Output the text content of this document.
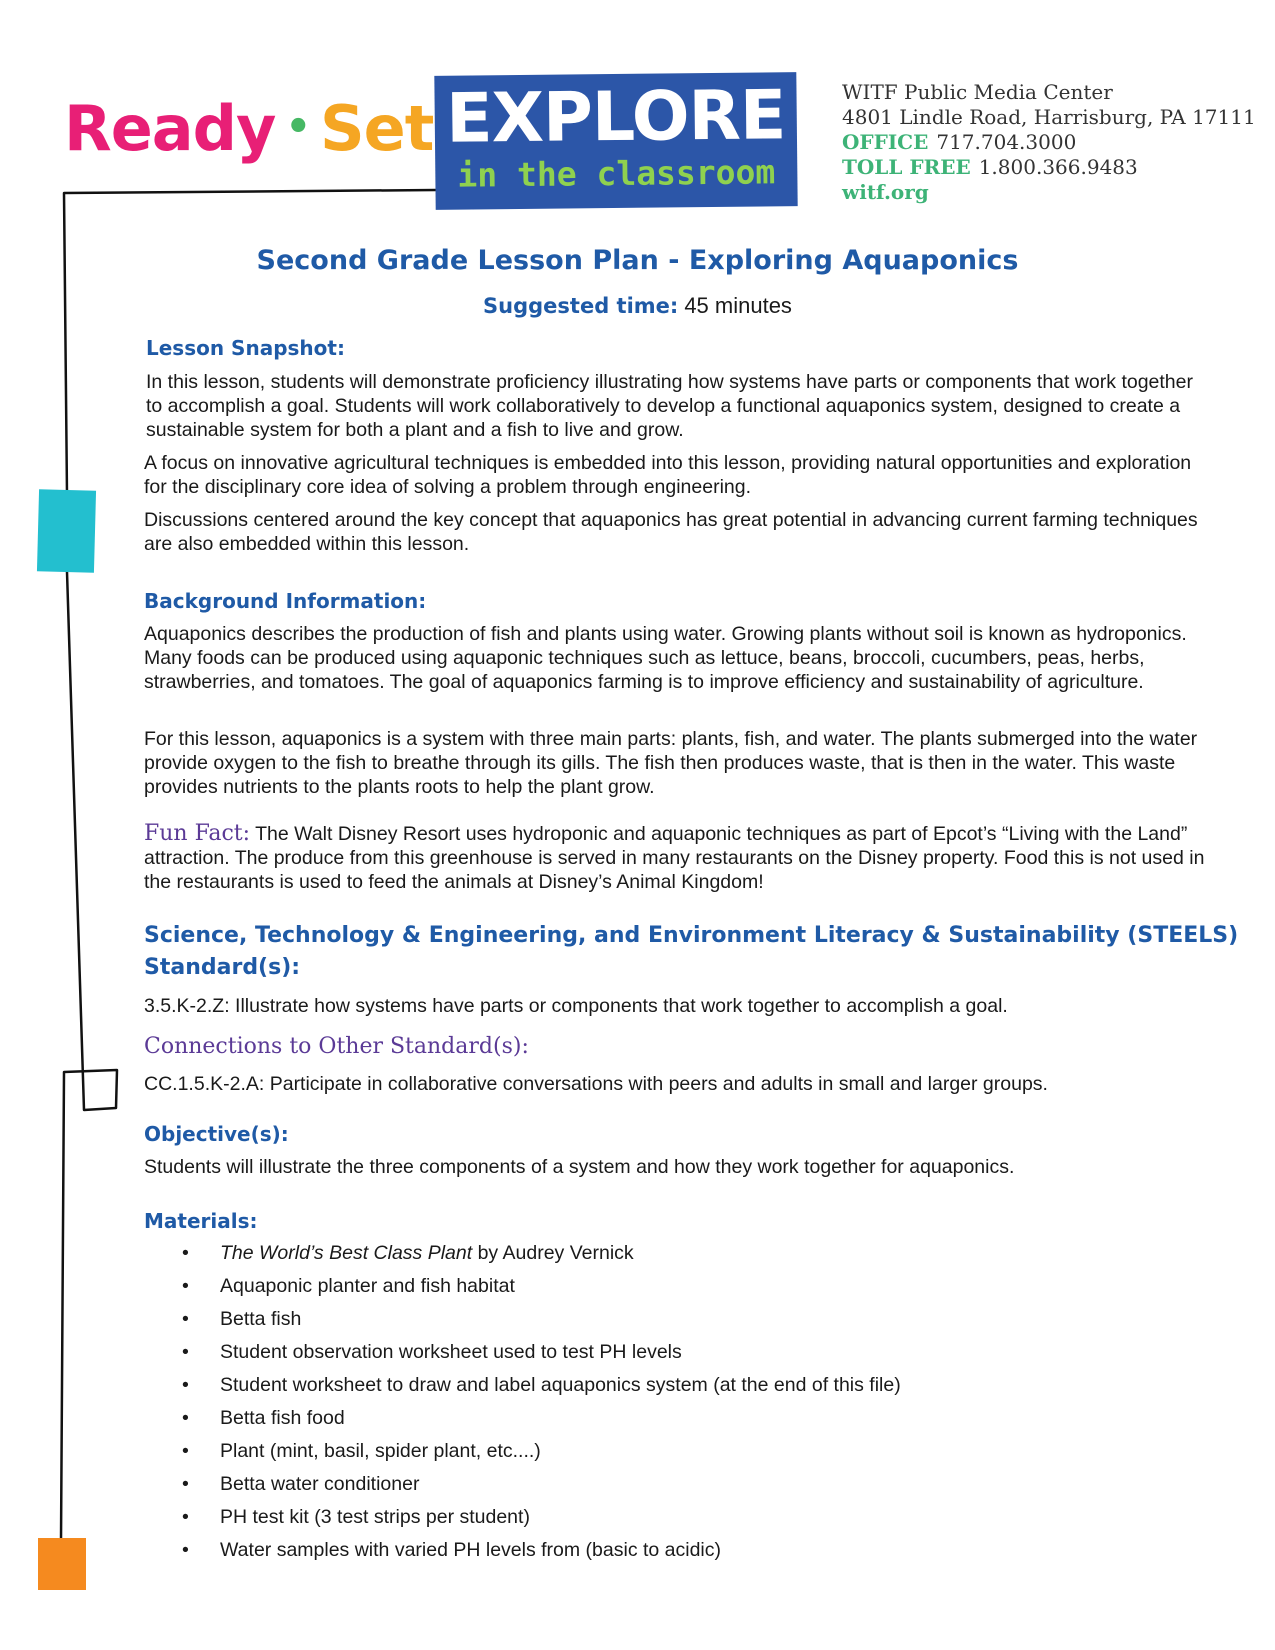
Ready • Set EXPLORE
in the classroom
WITF Public Media Center
4801 Lindle Road, Harrisburg, PA 17111
OFFICE 717.704.3000
TOLL FREE 1.800.366.9483
witf.org
Second Grade Lesson Plan - Exploring Aquaponics
Suggested time: 45 minutes
Lesson Snapshot:

In this lesson, students will demonstrate proficiency illustrating how systems have parts or components that work together to accomplish a goal. Students will work collaboratively to develop a functional aquaponics system, designed to create a sustainable system for both a plant and a fish to live and grow.

A focus on innovative agricultural techniques is embedded into this lesson, providing natural opportunities and exploration for the disciplinary core idea of solving a problem through engineering.

Discussions centered around the key concept that aquaponics has great potential in advancing current farming techniques are also embedded within this lesson.

Background Information:

Aquaponics describes the production of fish and plants using water. Growing plants without soil is known as hydroponics. Many foods can be produced using aquaponic techniques such as lettuce, beans, broccoli, cucumbers, peas, herbs, strawberries, and tomatoes. The goal of aquaponics farming is to improve efficiency and sustainability of agriculture.

For this lesson, aquaponics is a system with three main parts: plants, fish, and water. The plants submerged into the water provide oxygen to the fish to breathe through its gills. The fish then produces waste, that is then in the water. This waste provides nutrients to the plants roots to help the plant grow.

Fun Fact: The Walt Disney Resort uses hydroponic and aquaponic techniques as part of Epcot’s “Living with the Land” attraction. The produce from this greenhouse is served in many restaurants on the Disney property. Food this is not used in the restaurants is used to feed the animals at Disney’s Animal Kingdom!

Science, Technology & Engineering, and Environment Literacy & Sustainability (STEELS)
Standard(s):

3.5.K-2.Z: Illustrate how systems have parts or components that work together to accomplish a goal.

Connections to Other Standard(s):

CC.1.5.K-2.A: Participate in collaborative conversations with peers and adults in small and larger groups.

Objective(s):

Students will illustrate the three components of a system and how they work together for aquaponics.

Materials:
• The World’s Best Class Plant by Audrey Vernick
• Aquaponic planter and fish habitat
• Betta fish
• Student observation worksheet used to test PH levels
• Student worksheet to draw and label aquaponics system (at the end of this file)
• Betta fish food
• Plant (mint, basil, spider plant, etc....)
• Betta water conditioner
• PH test kit (3 test strips per student)
• Water samples with varied PH levels from (basic to acidic)
